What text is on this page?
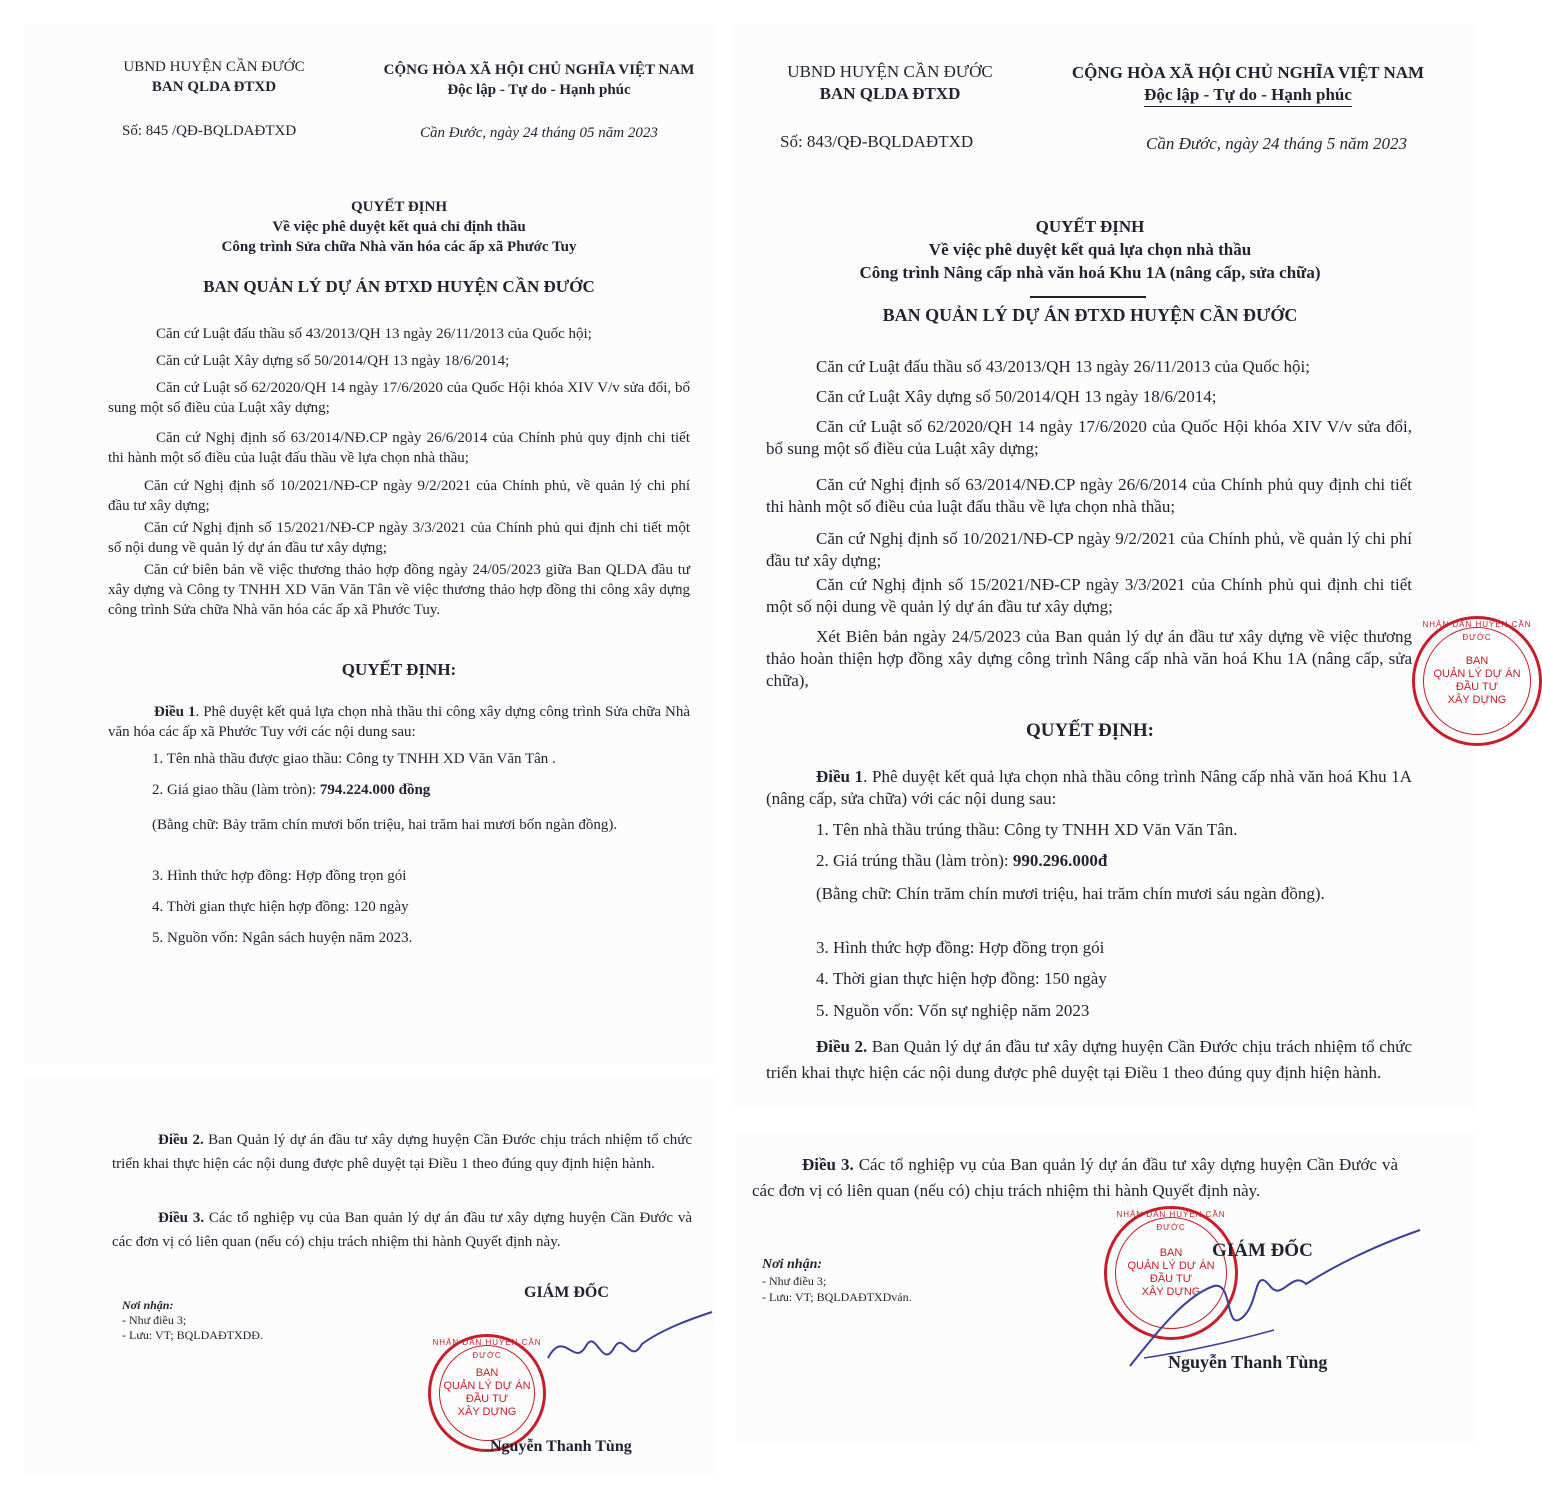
UBND HUYỆN CẦN ĐƯỚC
BAN QLDA ĐTXD
CỘNG HÒA XÃ HỘI CHỦ NGHĨA VIỆT NAM
Độc lập - Tự do - Hạnh phúc
Số: 845 /QĐ-BQLDAĐTXD	Cần Đước, ngày 24 tháng 05 năm 2023
QUYẾT ĐỊNH
Về việc phê duyệt kết quả chỉ định thầu
Công trình Sửa chữa Nhà văn hóa các ấp xã Phước Tuy
BAN QUẢN LÝ DỰ ÁN ĐTXD HUYỆN CẦN ĐƯỚC
Căn cứ Luật đấu thầu số 43/2013/QH 13 ngày 26/11/2013 của Quốc hội;
Căn cứ Luật Xây dựng số 50/2014/QH 13 ngày 18/6/2014;
Căn cứ Luật số 62/2020/QH 14 ngày 17/6/2020 của Quốc Hội khóa XIV V/v sửa đổi, bổ sung một số điều của Luật xây dựng;
Căn cứ Nghị định số 63/2014/NĐ.CP ngày 26/6/2014 của Chính phủ quy định chi tiết thi hành một số điều của luật đấu thầu về lựa chọn nhà thầu;
Căn cứ Nghị định số 10/2021/NĐ-CP ngày 9/2/2021 của Chính phủ, về quản lý chi phí đầu tư xây dựng;
Căn cứ Nghị định số 15/2021/NĐ-CP ngày 3/3/2021 của Chính phủ qui định chi tiết một số nội dung về quản lý dự án đầu tư xây dựng;
Căn cứ biên bản về việc thương thảo hợp đồng ngày 24/05/2023 giữa Ban QLDA đầu tư xây dựng và Công ty TNHH XD Văn Văn Tân về việc thương thảo hợp đồng thi công xây dựng công trình Sửa chữa Nhà văn hóa các ấp xã Phước Tuy.
QUYẾT ĐỊNH:
Điều 1. Phê duyệt kết quả lựa chọn nhà thầu thi công xây dựng công trình Sửa chữa Nhà văn hóa các ấp xã Phước Tuy với các nội dung sau:
1. Tên nhà thầu được giao thầu: Công ty TNHH XD Văn Văn Tân .
2. Giá giao thầu (làm tròn): 794.224.000 đồng
(Bằng chữ: Bảy trăm chín mươi bốn triệu, hai trăm hai mươi bốn ngàn đồng).
3. Hình thức hợp đồng: Hợp đồng trọn gói
4. Thời gian thực hiện hợp đồng: 120 ngày
5. Nguồn vốn: Ngân sách huyện năm 2023.
Điều 2. Ban Quản lý dự án đầu tư xây dựng huyện Cần Đước chịu trách nhiệm tổ chức triển khai thực hiện các nội dung được phê duyệt tại Điều 1 theo đúng quy định hiện hành.
Điều 3. Các tổ nghiệp vụ của Ban quản lý dự án đầu tư xây dựng huyện Cần Đước và các đơn vị có liên quan (nếu có) chịu trách nhiệm thi hành Quyết định này.
Nơi nhận:
- Như điều 3;
- Lưu: VT; BQLDAĐTXDĐ.
GIÁM ĐỐC
NHÂN DÂN HUYỆN CẦN ĐƯỚC
BAN
QUẢN LÝ DỰ ÁN
ĐẦU TƯ
XÂY DỰNG
Nguyễn Thanh Tùng
UBND HUYỆN CẦN ĐƯỚC
BAN QLDA ĐTXD
CỘNG HÒA XÃ HỘI CHỦ NGHĨA VIỆT NAM
Độc lập - Tự do - Hạnh phúc
Số: 843/QĐ-BQLDAĐTXD	Cần Đước, ngày 24 tháng 5 năm 2023
QUYẾT ĐỊNH
Về việc phê duyệt kết quả lựa chọn nhà thầu
Công trình Nâng cấp nhà văn hoá Khu 1A (nâng cấp, sửa chữa)
BAN QUẢN LÝ DỰ ÁN ĐTXD HUYỆN CẦN ĐƯỚC
Căn cứ Luật đấu thầu số 43/2013/QH 13 ngày 26/11/2013 của Quốc hội;
Căn cứ Luật Xây dựng số 50/2014/QH 13 ngày 18/6/2014;
Căn cứ Luật số 62/2020/QH 14 ngày 17/6/2020 của Quốc Hội khóa XIV V/v sửa đổi, bổ sung một số điều của Luật xây dựng;
Căn cứ Nghị định số 63/2014/NĐ.CP ngày 26/6/2014 của Chính phủ quy định chi tiết thi hành một số điều của luật đấu thầu về lựa chọn nhà thầu;
Căn cứ Nghị định số 10/2021/NĐ-CP ngày 9/2/2021 của Chính phủ, về quản lý chi phí đầu tư xây dựng;
Căn cứ Nghị định số 15/2021/NĐ-CP ngày 3/3/2021 của Chính phủ qui định chi tiết một số nội dung về quản lý dự án đầu tư xây dựng;
Xét Biên bản ngày 24/5/2023 của Ban quản lý dự án đầu tư xây dựng về việc thương thảo hoàn thiện hợp đồng xây dựng công trình Nâng cấp nhà văn hoá Khu 1A (nâng cấp, sửa chữa),
NHÂN DÂN HUYỆN CẦN ĐƯỚC
BAN
QUẢN LÝ DỰ ÁN
ĐẦU TƯ
XÂY DỰNG
QUYẾT ĐỊNH:
Điều 1. Phê duyệt kết quả lựa chọn nhà thầu công trình Nâng cấp nhà văn hoá Khu 1A (nâng cấp, sửa chữa) với các nội dung sau:
1. Tên nhà thầu trúng thầu: Công ty TNHH XD Văn Văn Tân.
2. Giá trúng thầu (làm tròn): 990.296.000đ
(Bằng chữ: Chín trăm chín mươi triệu, hai trăm chín mươi sáu ngàn đồng).
3. Hình thức hợp đồng: Hợp đồng trọn gói
4. Thời gian thực hiện hợp đồng: 150 ngày
5. Nguồn vốn: Vốn sự nghiệp năm 2023
Điều 2. Ban Quản lý dự án đầu tư xây dựng huyện Cần Đước chịu trách nhiệm tổ chức triển khai thực hiện các nội dung được phê duyệt tại Điều 1 theo đúng quy định hiện hành.
Điều 3. Các tổ nghiệp vụ của Ban quản lý dự án đầu tư xây dựng huyện Cần Đước và các đơn vị có liên quan (nếu có) chịu trách nhiệm thi hành Quyết định này.
Nơi nhận:
- Như điều 3;
- Lưu: VT; BQLDAĐTXDván.
NHÂN DÂN HUYỆN CẦN ĐƯỚC
BAN
QUẢN LÝ DỰ ÁN
ĐẦU TƯ
XÂY DỰNG
GIÁM ĐỐC
Nguyễn Thanh Tùng
